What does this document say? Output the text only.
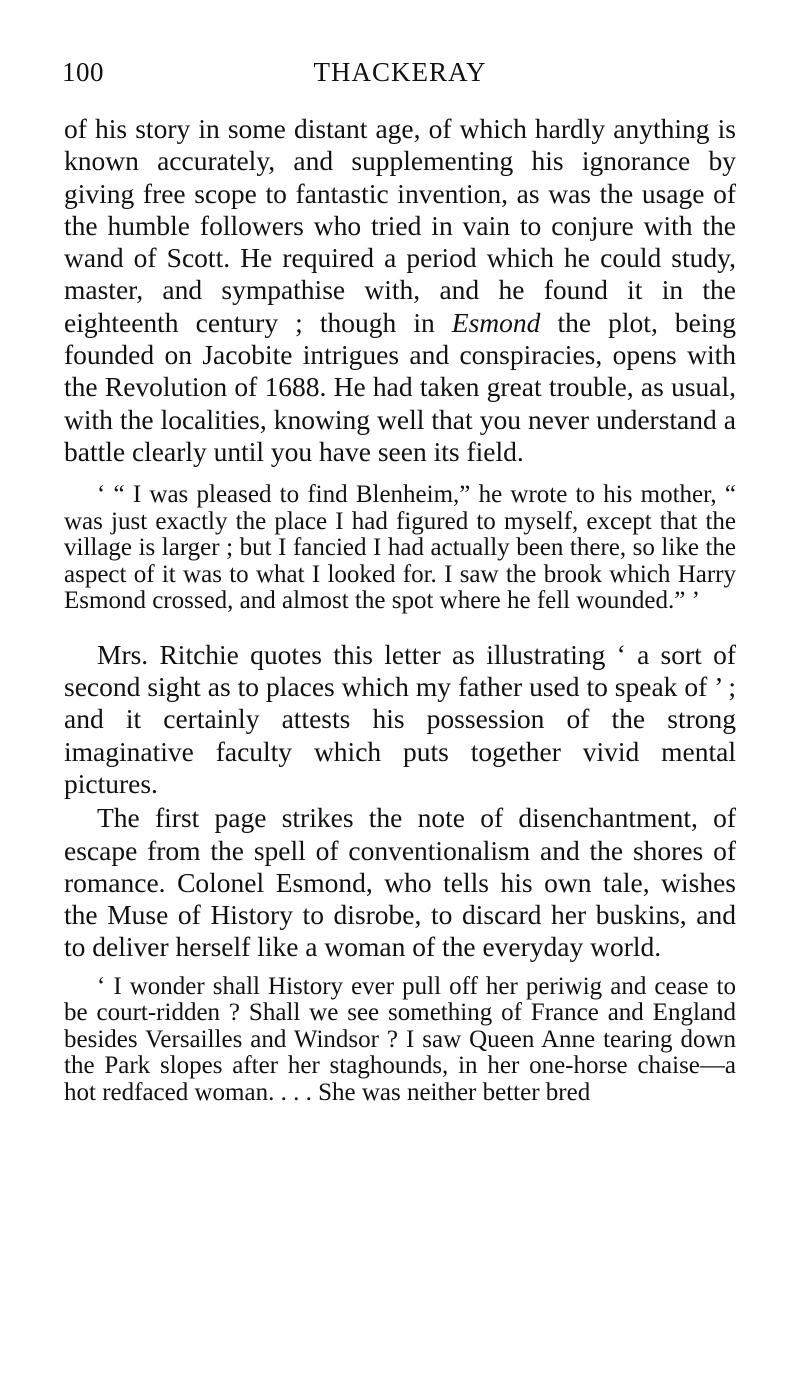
100	THACKERAY

of his story in some distant age, of which hardly anything is known accurately, and supplementing his ignorance by giving free scope to fantastic invention, as was the usage of the humble followers who tried in vain to conjure with the wand of Scott. He required a period which he could study, master, and sympathise with, and he found it in the eighteenth century ; though in Esmond the plot, being founded on Jacobite intrigues and conspiracies, opens with the Revolution of 1688. He had taken great trouble, as usual, with the localities, knowing well that you never understand a battle clearly until you have seen its field.

‘ “ I was pleased to find Blenheim,” he wrote to his mother, “ was just exactly the place I had figured to myself, except that the village is larger ; but I fancied I had actually been there, so like the aspect of it was to what I looked for. I saw the brook which Harry Esmond crossed, and almost the spot where he fell wounded.” ’

Mrs. Ritchie quotes this letter as illustrating ‘ a sort of second sight as to places which my father used to speak of ’ ; and it certainly attests his possession of the strong imaginative faculty which puts together vivid mental pictures.

The first page strikes the note of disenchantment, of escape from the spell of conventionalism and the shores of romance. Colonel Esmond, who tells his own tale, wishes the Muse of History to disrobe, to discard her buskins, and to deliver herself like a woman of the everyday world.

‘ I wonder shall History ever pull off her periwig and cease to be court-ridden ? Shall we see something of France and England besides Versailles and Windsor ? I saw Queen Anne tearing down the Park slopes after her staghounds, in her one-horse chaise—a hot redfaced woman. . . . She was neither better bred
